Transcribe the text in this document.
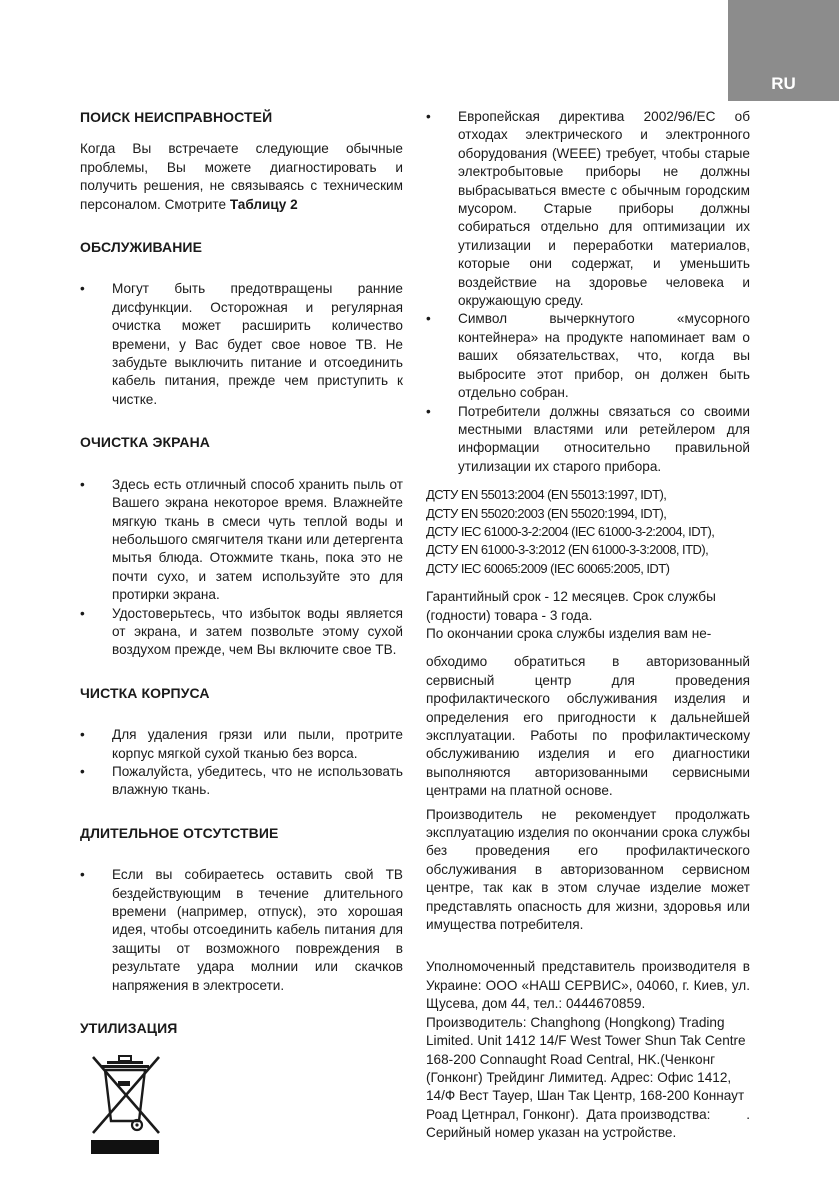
RU
ПОИСК НЕИСПРАВНОСТЕЙ

Когда Вы встречаете следующие обычные проблемы, Вы можете диагностировать и получить решения, не связываясь с техническим персоналом. Смотрите Таблицу 2

ОБСЛУЖИВАНИЕ
• Могут быть предотвращены ранние дисфункции. Осторожная и регулярная очистка может расширить количество времени, у Вас будет свое новое ТВ. Не забудьте выключить питание и отсоединить кабель питания, прежде чем приступить к чистке.
ОЧИСТКА ЭКРАНА
• Здесь есть отличный способ хранить пыль от Вашего экрана некоторое время. Влажнейте мягкую ткань в смеси чуть теплой воды и небольшого смягчителя ткани или детергента мытья блюда. Отожмите ткань, пока это не почти сухо, и затем используйте это для протирки экрана.
• Удостоверьтесь, что избыток воды является от экрана, и затем позвольте этому сухой воздухом прежде, чем Вы включите свое ТВ.
ЧИСТКА КОРПУСА
• Для удаления грязи или пыли, протрите корпус мягкой сухой тканью без ворса.
• Пожалуйста, убедитесь, что не использовать влажную ткань.
ДЛИТЕЛЬНОЕ ОТСУТСТВИЕ
• Если вы собираетесь оставить свой ТВ бездействующим в течение длительного времени (например, отпуск), это хорошая идея, чтобы отсоединить кабель питания для защиты от возможного повреждения в результате удара молнии или скачков напряжения в электросети.
УТИЛИЗАЦИЯ
• Европейская директива 2002/96/ЕС об отходах электрического и электронного оборудования (WEEE) требует, чтобы старые электробытовые приборы не должны выбрасываться вместе с обычным городским мусором. Старые приборы должны собираться отдельно для оптимизации их утилизации и переработки материалов, которые они содержат, и уменьшить воздействие на здоровье человека и окружающую среду.
• Символ вычеркнутого «мусорного контейнера» на продукте напоминает вам о ваших обязательствах, что, когда вы выбросите этот прибор, он должен быть отдельно собран.
• Потребители должны связаться со своими местными властями или ретейлером для информации относительно правильной утилизации их старого прибора.
ДСТУ EN 55013:2004 (EN 55013:1997, IDT),
ДСТУ EN 55020:2003 (EN 55020:1994, IDT),
ДСТУ IEC 61000-3-2:2004 (IEC 61000-3-2:2004, IDT),
ДСТУ EN 61000-3-3:2012 (EN 61000-3-3:2008, ITD),
ДСТУ IEC 60065:2009 (IEC 60065:2005, IDT)

Гарантийный срок - 12 месяцев. Срок службы (годности) товара - 3 года.

По окончании срока службы изделия вам не-

обходимо обратиться в авторизованный сервисный центр для проведения профилактического обслуживания изделия и определения его пригодности к дальнейшей эксплуатации. Работы по профилактическому обслуживанию изделия и его диагностики выполняются авторизованными сервисными центрами на платной основе.

Производитель не рекомендует продолжать эксплуатацию изделия по окончании срока службы без проведения его профилактического обслуживания в авторизованном сервисном центре, так как в этом случае изделие может представлять опасность для жизни, здоровья или имущества потребителя.

Уполномоченный представитель производителя в Украине: ООО «НАШ СЕРВИС», 04060, г. Киев, ул. Щусева, дом 44, тел.: 0444670859.

Производитель: Changhong (Hongkong) Trading Limited. Unit 1412 14/F West Tower Shun Tak Centre 168-200 Connaught Road Central, HK.(Ченконг (Гонконг) Трейдинг Лимитед. Адрес: Офис 1412, 14/Ф Вест Тауер, Шан Так Центр, 168-200 Коннаут Роад Цетнрал, Гонконг). Дата производства:	.

Серийный номер указан на устройстве.
